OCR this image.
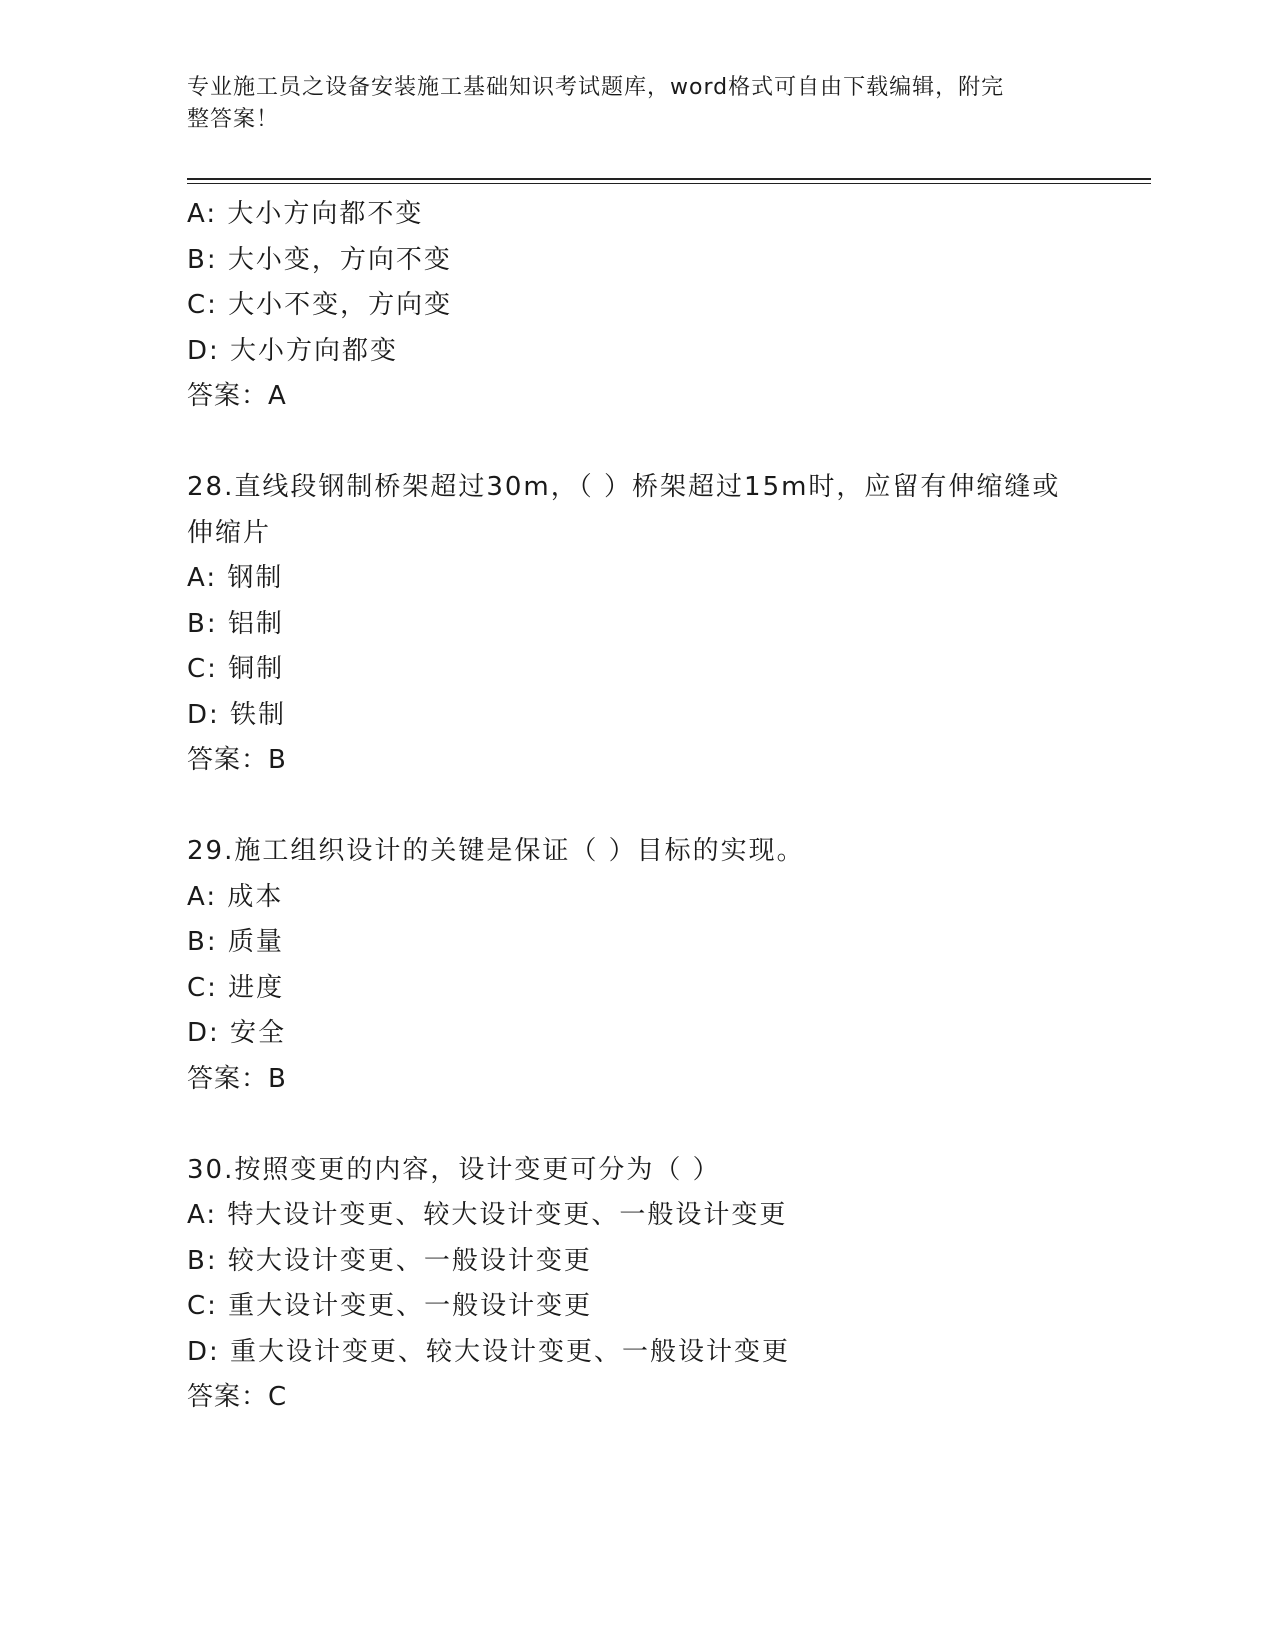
专业施工员之设备安装施工基础知识考试题库，word格式可自由下载编辑，附完
整答案！
A: 大小方向都不变
B: 大小变，方向不变
C: 大小不变，方向变
D: 大小方向都变
答案：A
28.直线段钢制桥架超过30m，（ ）桥架超过15m时，应留有伸缩缝或
伸缩片
A: 钢制
B: 铝制
C: 铜制
D: 铁制
答案：B
29.施工组织设计的关键是保证（ ）目标的实现。
A: 成本
B: 质量
C: 进度
D: 安全
答案：B
30.按照变更的内容，设计变更可分为（ ）
A: 特大设计变更、较大设计变更、一般设计变更
B: 较大设计变更、一般设计变更
C: 重大设计变更、一般设计变更
D: 重大设计变更、较大设计变更、一般设计变更
答案：C
